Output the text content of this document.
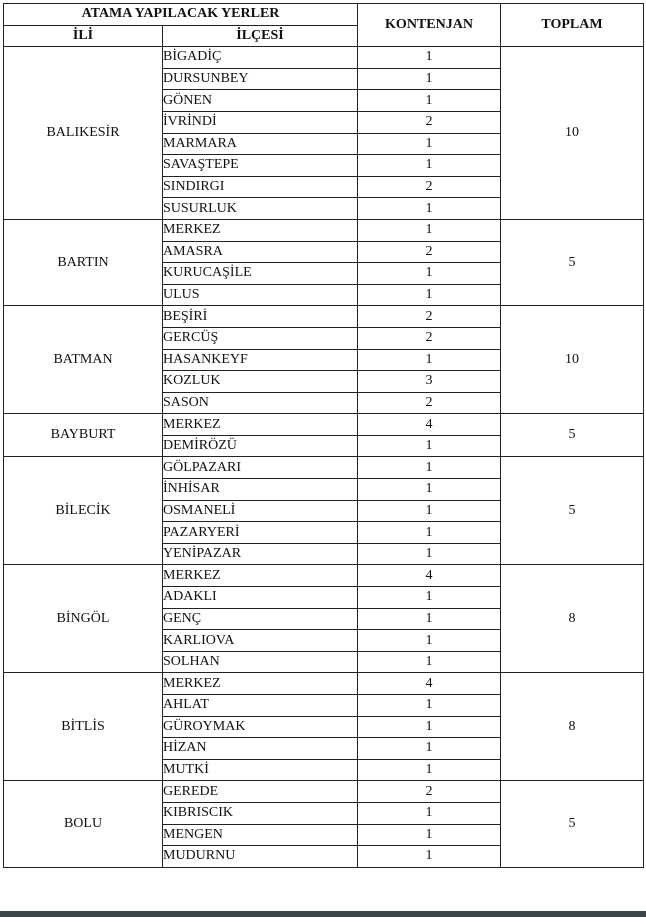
ATAMA YAPILACAK YERLER		KONTENJAN	TOPLAM
İLİ	İLÇESİ		
BALIKESİR	BİGADİÇ	1	10
	DURSUNBEY	1	
	GÖNEN	1	
	İVRİNDİ	2	
	MARMARA	1	
	SAVAŞTEPE	1	
	SINDIRGI	2	
	SUSURLUK	1	
BARTIN	MERKEZ	1	5
	AMASRA	2	
	KURUCAŞİLE	1	
	ULUS	1	
BATMAN	BEŞİRİ	2	10
	GERCÜŞ	2	
	HASANKEYF	1	
	KOZLUK	3	
	SASON	2	
BAYBURT	MERKEZ	4	5
	DEMİRÖZÜ	1	
BİLECİK	GÖLPAZARI	1	5
	İNHİSAR	1	
	OSMANELİ	1	
	PAZARYERİ	1	
	YENİPAZAR	1	
BİNGÖL	MERKEZ	4	8
	ADAKLI	1	
	GENÇ	1	
	KARLIOVA	1	
	SOLHAN	1	
BİTLİS	MERKEZ	4	8
	AHLAT	1	
	GÜROYMAK	1	
	HİZAN	1	
	MUTKİ	1	
BOLU	GEREDE	2	5
	KIBRISCIK	1	
	MENGEN	1	
	MUDURNU	1	
